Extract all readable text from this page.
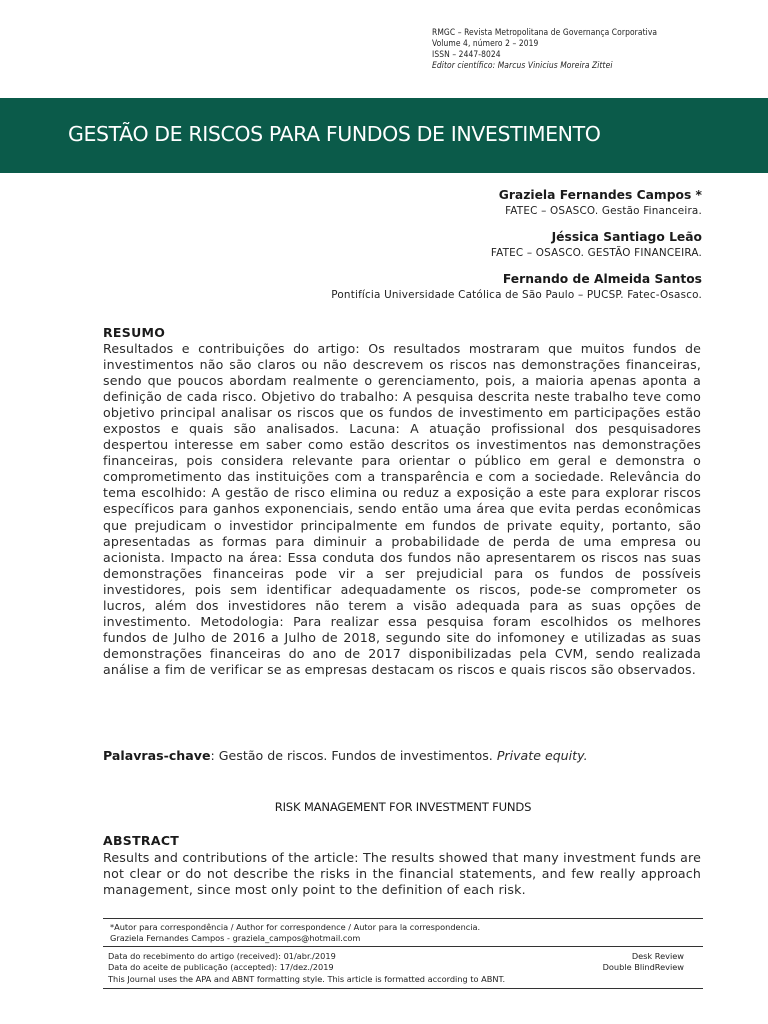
RMGC – Revista Metropolitana de Governança Corporativa
Volume 4, número 2 – 2019
ISSN – 2447-8024
Editor científico: Marcus Vinicius Moreira Zittei
GESTÃO DE RISCOS PARA FUNDOS DE INVESTIMENTO
Graziela Fernandes Campos *
FATEC – OSASCO. Gestão Financeira.
Jéssica Santiago Leão
FATEC – OSASCO. GESTÃO FINANCEIRA.
Fernando de Almeida Santos
Pontifícia Universidade Católica de São Paulo – PUCSP. Fatec-Osasco.
RESUMO
Resultados e contribuições do artigo: Os resultados mostraram que muitos fundos de investimentos não são claros ou não descrevem os riscos nas demonstrações financeiras, sendo que poucos abordam realmente o gerenciamento, pois, a maioria apenas aponta a definição de cada risco. Objetivo do trabalho: A pesquisa descrita neste trabalho teve como objetivo principal analisar os riscos que os fundos de investimento em participações estão expostos e quais são analisados. Lacuna: A atuação profissional dos pesquisadores despertou interesse em saber como estão descritos os investimentos nas demonstrações financeiras, pois considera relevante para orientar o público em geral e demonstra o comprometimento das instituições com a transparência e com a sociedade. Relevância do tema escolhido: A gestão de risco elimina ou reduz a exposição a este para explorar riscos específicos para ganhos exponenciais, sendo então uma área que evita perdas econômicas que prejudicam o investidor principalmente em fundos de private equity, portanto, são apresentadas as formas para diminuir a probabilidade de perda de uma empresa ou acionista. Impacto na área: Essa conduta dos fundos não apresentarem os riscos nas suas demonstrações financeiras pode vir a ser prejudicial para os fundos de possíveis investidores, pois sem identificar adequadamente os riscos, pode-se comprometer os lucros, além dos investidores não terem a visão adequada para as suas opções de investimento. Metodologia: Para realizar essa pesquisa foram escolhidos os melhores fundos de Julho de 2016 a Julho de 2018, segundo site do infomoney e utilizadas as suas demonstrações financeiras do ano de 2017 disponibilizadas pela CVM, sendo realizada análise a fim de verificar se as empresas destacam os riscos e quais riscos são observados.
Palavras-chave: Gestão de riscos. Fundos de investimentos. Private equity.
RISK MANAGEMENT FOR INVESTMENT FUNDS
ABSTRACT
Results and contributions of the article: The results showed that many investment funds are not clear or do not describe the risks in the financial statements, and few really approach management, since most only point to the definition of each risk.
*Autor para correspondência / Author for correspondence / Autor para la correspondencia.
Graziela Fernandes Campos - graziela_campos@hotmail.com
Data do recebimento do artigo (received): 01/abr./2019
Data do aceite de publicação (accepted): 17/dez./2019
Desk Review
Double BlindReview
This Journal uses the APA and ABNT formatting style. This article is formatted according to ABNT.
